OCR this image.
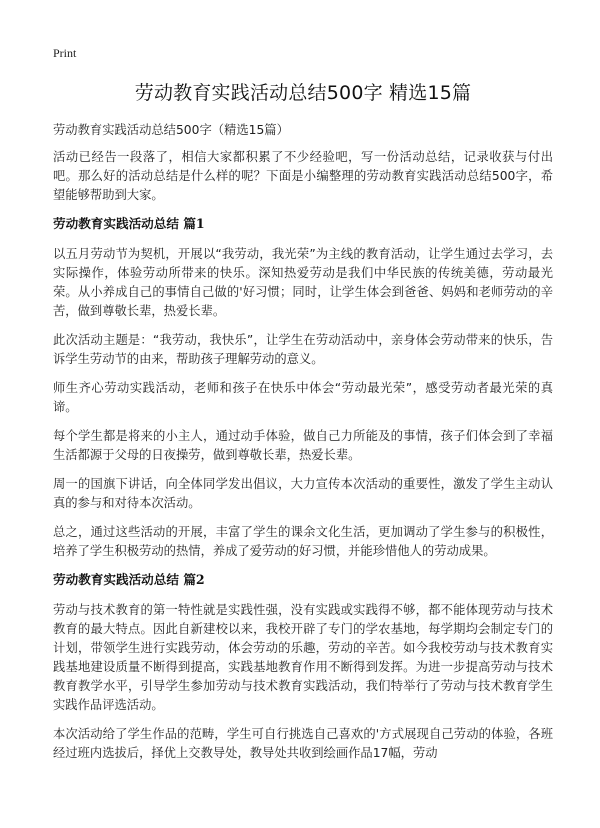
Print
劳动教育实践活动总结500字 精选15篇
劳动教育实践活动总结500字（精选15篇）

活动已经告一段落了，相信大家都积累了不少经验吧，写一份活动总结，记录收获与付出吧。那么好的活动总结是什么样的呢？下面是小编整理的劳动教育实践活动总结500字，希望能够帮助到大家。

劳动教育实践活动总结 篇1

以五月劳动节为契机，开展以“我劳动，我光荣”为主线的教育活动，让学生通过去学习，去实际操作，体验劳动所带来的快乐。深知热爱劳动是我们中华民族的传统美德，劳动最光荣。从小养成自己的事情自己做的'好习惯；同时，让学生体会到爸爸、妈妈和老师劳动的辛苦，做到尊敬长辈，热爱长辈。

此次活动主题是：“我劳动，我快乐”，让学生在劳动活动中，亲身体会劳动带来的快乐，告诉学生劳动节的由来，帮助孩子理解劳动的意义。

师生齐心劳动实践活动，老师和孩子在快乐中体会“劳动最光荣”，感受劳动者最光荣的真谛。

每个学生都是将来的小主人，通过动手体验，做自己力所能及的事情，孩子们体会到了幸福生活都源于父母的日夜操劳，做到尊敬长辈，热爱长辈。

周一的国旗下讲话，向全体同学发出倡议，大力宣传本次活动的重要性，激发了学生主动认真的参与和对待本次活动。

总之，通过这些活动的开展，丰富了学生的课余文化生活，更加调动了学生参与的积极性，培养了学生积极劳动的热情，养成了爱劳动的好习惯，并能珍惜他人的劳动成果。

劳动教育实践活动总结 篇2

劳动与技术教育的第一特性就是实践性强，没有实践或实践得不够，都不能体现劳动与技术教育的最大特点。因此自新建校以来，我校开辟了专门的学农基地，每学期均会制定专门的计划，带领学生进行实践劳动，体会劳动的乐趣，劳动的辛苦。如今我校劳动与技术教育实践基地建设质量不断得到提高，实践基地教育作用不断得到发挥。为进一步提高劳动与技术教育教学水平，引导学生参加劳动与技术教育实践活动，我们特举行了劳动与技术教育学生实践作品评选活动。

本次活动给了学生作品的范畴，学生可自行挑选自己喜欢的'方式展现自己劳动的体验，各班经过班内选拔后，择优上交教导处，教导处共收到绘画作品17幅，劳动
